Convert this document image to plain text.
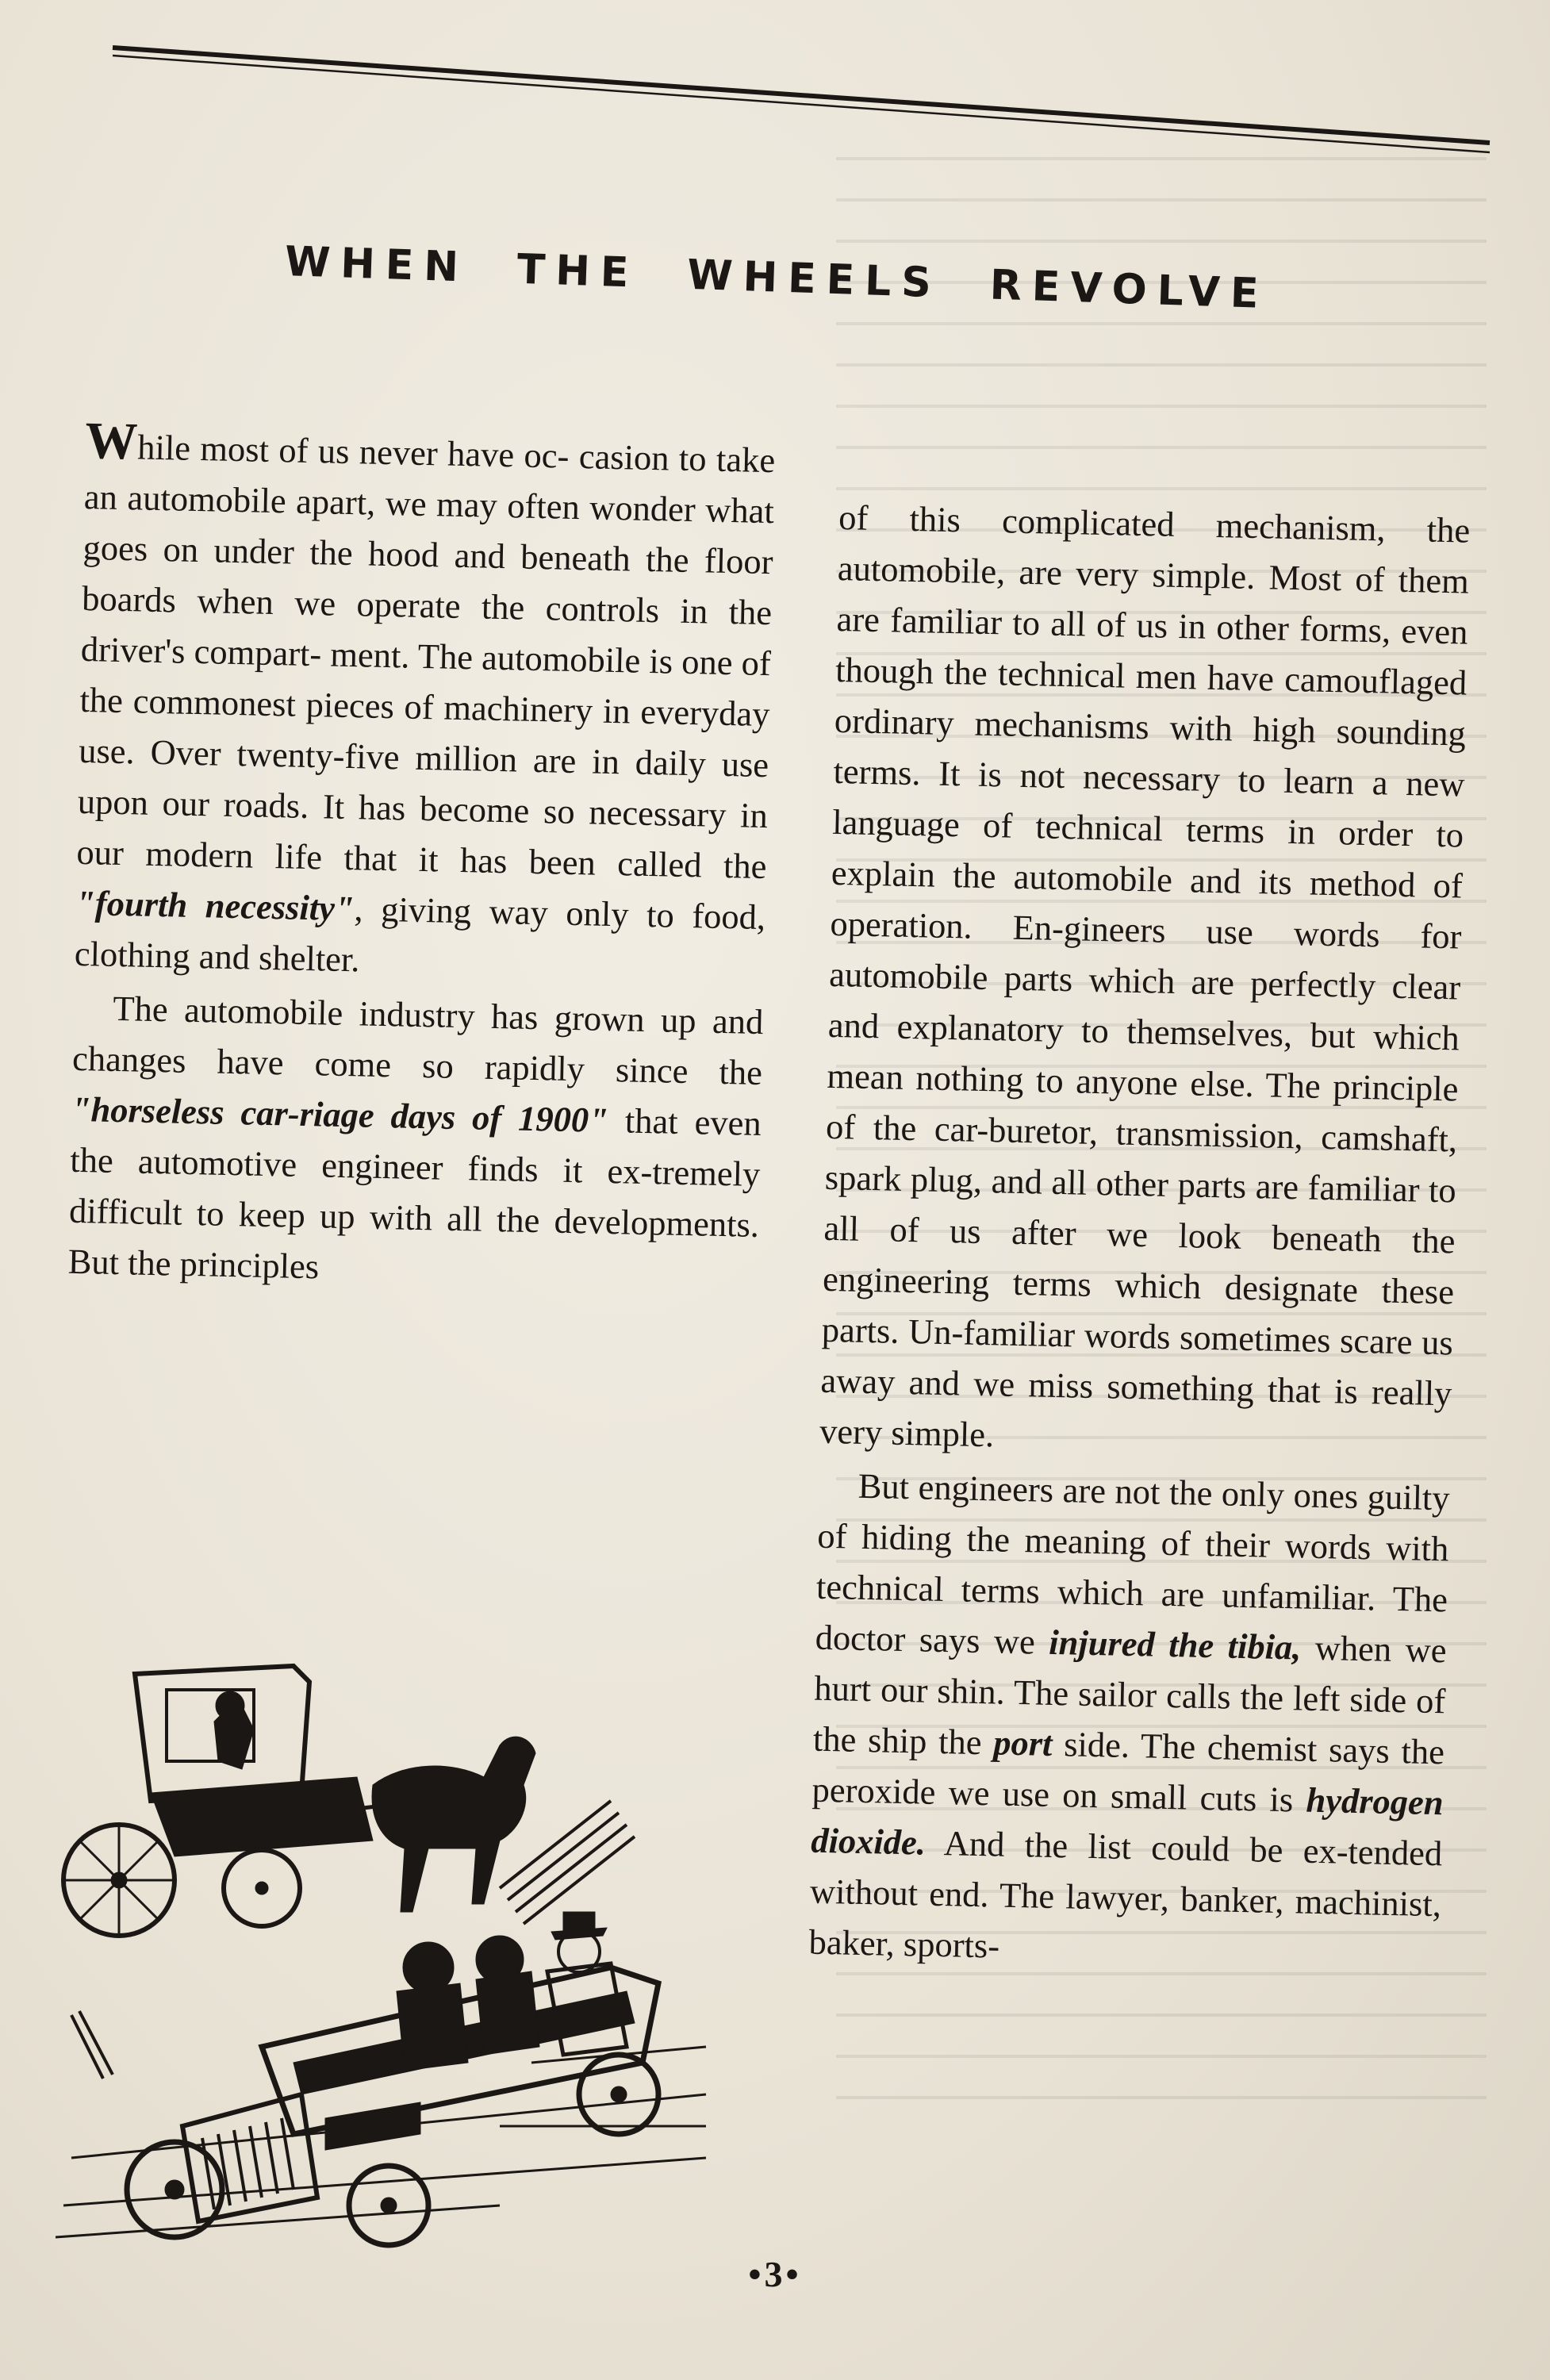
WHEN THE WHEELS REVOLVE

While most of us never have oc- casion to take an automobile apart, we may often wonder what goes on under the hood and beneath the floor boards when we operate the controls in the driver's compart- ment. The automobile is one of the commonest pieces of machinery in everyday use. Over twenty-five million are in daily use upon our roads. It has become so necessary in our modern life that it has been called the "fourth necessity", giving way only to food, clothing and shelter.

The automobile industry has grown up and changes have come so rapidly since the "horseless car-riage days of 1900" that even the automotive engineer finds it ex-tremely difficult to keep up with all the developments. But the principles

of this complicated mechanism, the automobile, are very simple. Most of them are familiar to all of us in other forms, even though the technical men have camouflaged ordinary mechanisms with high sounding terms. It is not necessary to learn a new language of technical terms in order to explain the automobile and its method of operation. En-gineers use words for automobile parts which are perfectly clear and explanatory to themselves, but which mean nothing to anyone else. The principle of the car-buretor, transmission, camshaft, spark plug, and all other parts are familiar to all of us after we look beneath the engineering terms which designate these parts. Un-familiar words sometimes scare us away and we miss something that is really very simple.

But engineers are not the only ones guilty of hiding the meaning of their words with technical terms which are unfamiliar. The doctor says we injured the tibia, when we hurt our shin. The sailor calls the left side of the ship the port side. The chemist says the peroxide we use on small cuts is hydrogen dioxide. And the list could be ex-tended without end. The lawyer, banker, machinist, baker, sports-

•3•
